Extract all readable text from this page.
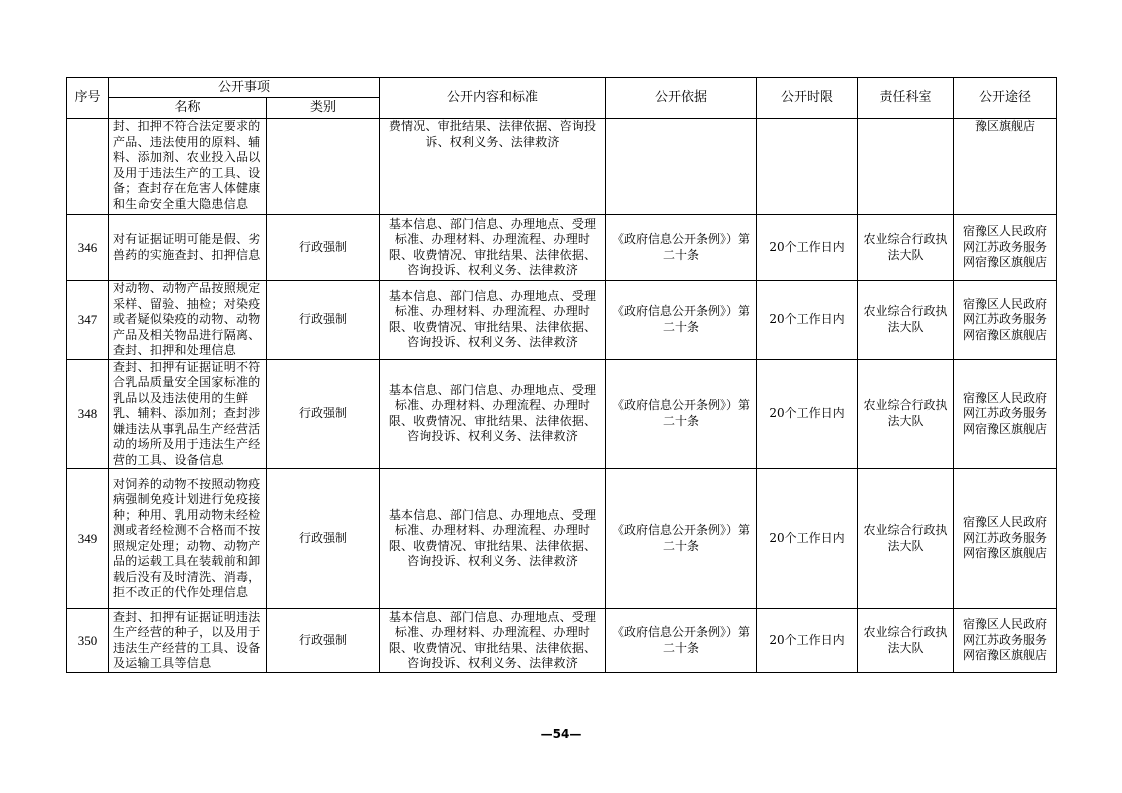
序号	公开事项		公开内容和标准	公开依据	公开时限	责任科室	公开途径
	名称	类别					
	封、扣押不符合法定要求的产品、违法使用的原料、辅料、添加剂、农业投入品以及用于违法生产的工具、设备；查封存在危害人体健康和生命安全重大隐患信息		费情况、审批结果、法律依据、咨询投诉、权利义务、法律救济				豫区旗舰店
346	对有证据证明可能是假、劣兽药的实施查封、扣押信息	行政强制	基本信息、部门信息、办理地点、受理标准、办理材料、办理流程、办理时限、收费情况、审批结果、法律依据、咨询投诉、权利义务、法律救济	《政府信息公开条例》）第二十条	20个工作日内	农业综合行政执法大队	宿豫区人民政府网江苏政务服务网宿豫区旗舰店
347	对动物、动物产品按照规定采样、留验、抽检；对染疫或者疑似染疫的动物、动物产品及相关物品进行隔离、查封、扣押和处理信息	行政强制	基本信息、部门信息、办理地点、受理标准、办理材料、办理流程、办理时限、收费情况、审批结果、法律依据、咨询投诉、权利义务、法律救济	《政府信息公开条例》）第二十条	20个工作日内	农业综合行政执法大队	宿豫区人民政府网江苏政务服务网宿豫区旗舰店
348	查封、扣押有证据证明不符合乳品质量安全国家标准的乳品以及违法使用的生鲜乳、辅料、添加剂；查封涉嫌违法从事乳品生产经营活动的场所及用于违法生产经营的工具、设备信息	行政强制	基本信息、部门信息、办理地点、受理标准、办理材料、办理流程、办理时限、收费情况、审批结果、法律依据、咨询投诉、权利义务、法律救济	《政府信息公开条例》）第二十条	20个工作日内	农业综合行政执法大队	宿豫区人民政府网江苏政务服务网宿豫区旗舰店
349	对饲养的动物不按照动物疫病强制免疫计划进行免疫接种；种用、乳用动物未经检测或者经检测不合格而不按照规定处理；动物、动物产品的运载工具在装载前和卸载后没有及时清洗、消毒，拒不改正的代作处理信息	行政强制	基本信息、部门信息、办理地点、受理标准、办理材料、办理流程、办理时限、收费情况、审批结果、法律依据、咨询投诉、权利义务、法律救济	《政府信息公开条例》）第二十条	20个工作日内	农业综合行政执法大队	宿豫区人民政府网江苏政务服务网宿豫区旗舰店
350	查封、扣押有证据证明违法生产经营的种子，以及用于违法生产经营的工具、设备及运输工具等信息	行政强制	基本信息、部门信息、办理地点、受理标准、办理材料、办理流程、办理时限、收费情况、审批结果、法律依据、咨询投诉、权利义务、法律救济	《政府信息公开条例》）第二十条	20个工作日内	农业综合行政执法大队	宿豫区人民政府网江苏政务服务网宿豫区旗舰店
—54—
